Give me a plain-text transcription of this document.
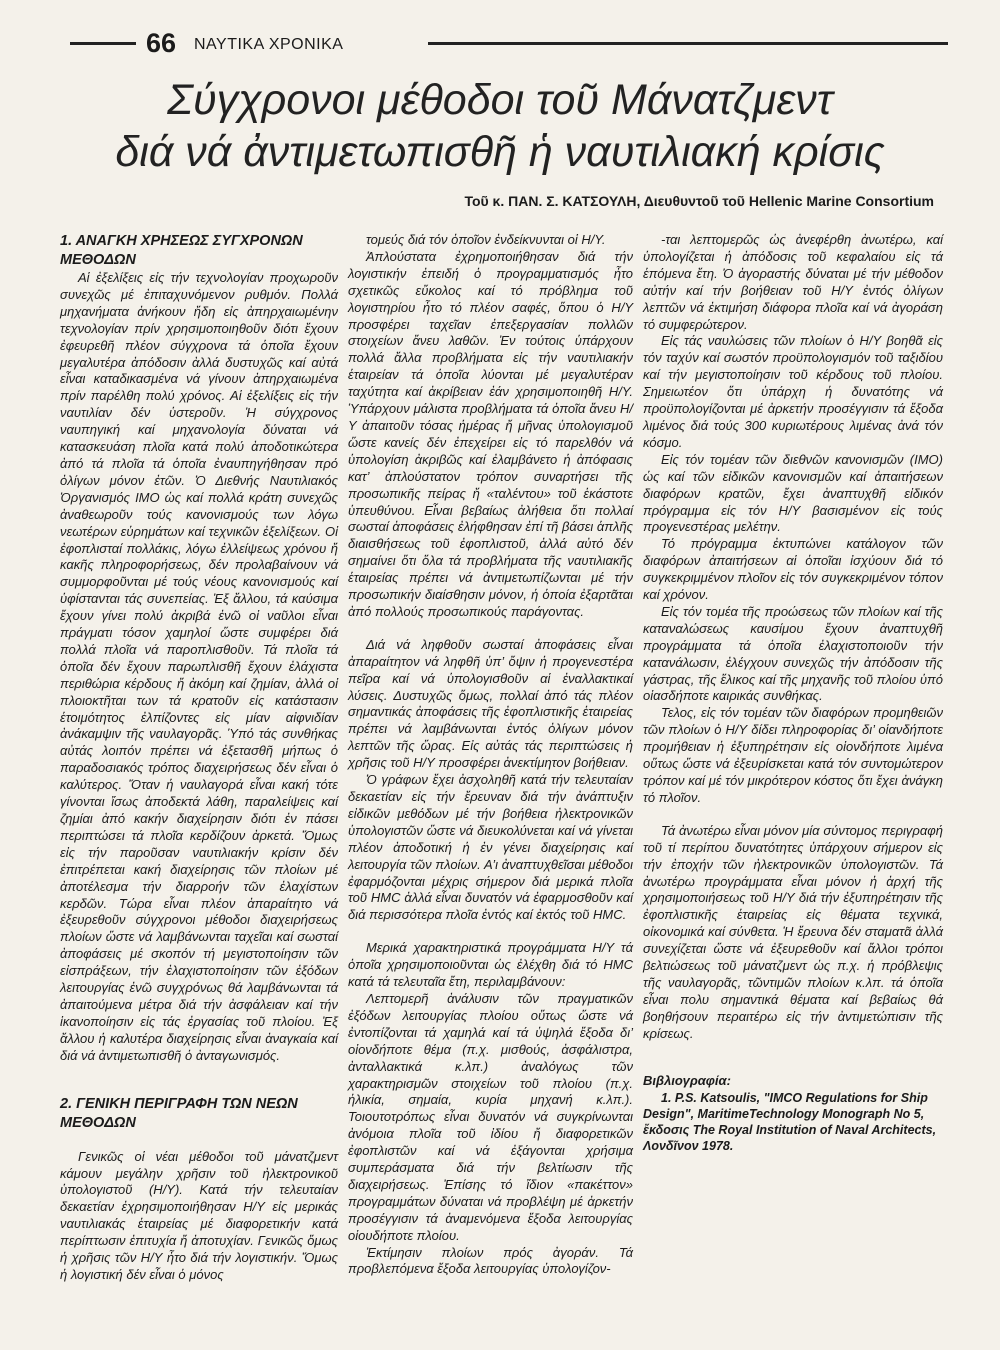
66 ΝΑΥΤΙΚΑ ΧΡΟΝΙΚΑ
Σύγχρονοι μέθοδοι τοῦ Μάνατζμεντ
διά νά ἀντιμετωπισθῆ ἡ ναυτιλιακή κρίσις
Τοῦ κ. ΠΑΝ. Σ. ΚΑΤΣΟΥΛΗ, Διευθυντοῦ τοῦ Hellenic Marine Consortium
1. ΑΝΑΓΚΗ ΧΡΗΣΕΩΣ ΣΥΓΧΡΟΝΩΝ ΜΕΘΟΔΩΝ

Αἱ ἐξελίξεις εἰς τήν τεχνολογίαν προχωροῦν συνεχῶς μέ ἐπιταχυνόμενον ρυθμόν. Πολλά μηχανήματα ἀνήκουν ἤδη εἰς ἀπηρχαιωμένην τεχνολογίαν πρίν χρησιμοποιηθοῦν διότι ἔχουν ἐφευρεθῆ πλέον σύγχρονα τά ὁποῖα ἔχουν μεγαλυτέρα ἀπόδοσιν ἀλλά δυστυχῶς καί αὐτά εἶναι καταδικασμένα νά γίνουν ἀπηρχαιωμένα πρίν παρέλθη πολύ χρόνος. Αἱ ἐξελίξεις εἰς τήν ναυτιλίαν δέν ὑστεροῦν. Ἡ σύγχρονος ναυπηγική καί μηχανολογία δύναται νά κατασκευάση πλοῖα κατά πολύ ἀποδοτικώτερα ἀπό τά πλοῖα τά ὁποῖα ἐναυπηγήθησαν πρό ὀλίγων μόνον ἐτῶν. Ὁ Διεθνής Ναυτιλιακός Ὀργανισμός IMO ὡς καί πολλά κράτη συνεχῶς ἀναθεωροῦν τούς κανονισμούς των λόγω νεωτέρων εὑρημάτων καί τεχνικῶν ἐξελίξεων. Οἱ ἐφοπλισταί πολλάκις, λόγω ἐλλείψεως χρόνου ἤ κακῆς πληροφορήσεως, δέν προλαβαίνουν νά συμμορφοῦνται μέ τούς νέους κανονισμούς καί ὑφίστανται τάς συνεπείας. Ἐξ ἄλλου, τά καύσιμα ἔχουν γίνει πολύ ἀκριβά ἐνῶ οἱ ναῦλοι εἶναι πράγματι τόσον χαμηλοί ὥστε συμφέρει διά πολλά πλοῖα νά παροπλισθοῦν. Τά πλοῖα τά ὁποῖα δέν ἔχουν παρωπλισθῆ ἔχουν ἐλάχιστα περιθώρια κέρδους ἤ ἀκόμη καί ζημίαν, ἀλλά οἱ πλοιοκτῆται των τά κρατοῦν εἰς κατάστασιν ἑτοιμότητος ἐλπίζοντες εἰς μίαν αἰφνιδίαν ἀνάκαμψιν τῆς ναυλαγορᾶς. Ὑπό τάς συνθήκας αὐτάς λοιπόν πρέπει νά ἐξετασθῆ μήπως ὁ παραδοσιακός τρόπος διαχειρήσεως δέν εἶναι ὁ καλύτερος. Ὅταν ἡ ναυλαγορά εἶναι κακή τότε γίνονται ἴσως ἀποδεκτά λάθη, παραλείψεις καί ζημίαι ἀπό κακήν διαχείρησιν διότι ἐν πάσει περιπτώσει τά πλοῖα κερδίζουν ἀρκετά. Ὅμως εἰς τήν παροῦσαν ναυτιλιακήν κρίσιν δέν ἐπιτρέπεται κακή διαχείρησις τῶν πλοίων μέ ἀποτέλεσμα τήν διαρροήν τῶν ἐλαχίστων κερδῶν. Τώρα εἶναι πλέον ἀπαραίτητο νά ἐξευρεθοῦν σύγχρονοι μέθοδοι διαχειρήσεως πλοίων ὥστε νά λαμβάνωνται ταχεῖαι καί σωσταί ἀποφάσεις μέ σκοπόν τή μεγιστοποίησιν τῶν εἰσπράξεων, τήν ἐλαχιστοποίησιν τῶν ἐξόδων λειτουργίας ἐνῶ συγχρόνως θά λαμβάνωνται τά ἀπαιτούμενα μέτρα διά τήν ἀσφάλειαν καί τήν ἱκανοποίησιν εἰς τάς ἐργασίας τοῦ πλοίου. Ἐξ ἄλλου ἡ καλυτέρα διαχείρησις εἶναι ἀναγκαία καί διά νά ἀντιμετωπισθῆ ὁ ἀνταγωνισμός.

2. ΓΕΝΙΚΗ ΠΕΡΙΓΡΑΦΗ ΤΩΝ ΝΕΩΝ ΜΕΘΟΔΩΝ

Γενικῶς οἱ νέαι μέθοδοι τοῦ μάνατζμεντ κάμουν μεγάλην χρῆσιν τοῦ ἠλεκτρονικοῦ ὑπολογιστοῦ (Η/Υ). Κατά τήν τελευταίαν δεκαετίαν ἐχρησιμοποιήθησαν Η/Υ εἰς μερικάς ναυτιλιακάς ἑταιρείας μέ διαφορετικήν κατά περίπτωσιν ἐπιτυχία ἤ ἀποτυχίαν. Γενικῶς ὅμως ἡ χρῆσις τῶν Η/Υ ἦτο διά τήν λογιστικήν. Ὅμως ἡ λογιστική δέν εἶναι ὁ μόνος

τομεύς διά τόν ὁποῖον ἐνδείκνυνται οἱ Η/Υ.

Ἁπλούστατα ἐχρημοποιήθησαν διά τήν λογιστικήν ἐπειδή ὁ προγραμματισμός ἦτο σχετικῶς εὔκολος καί τό πρόβλημα τοῦ λογιστηρίου ἦτο τό πλέον σαφές, ὅπου ὁ Η/Υ προσφέρει ταχεῖαν ἐπεξεργασίαν πολλῶν στοιχείων ἄνευ λαθῶν. Ἐν τούτοις ὑπάρχουν πολλά ἄλλα προβλήματα εἰς τήν ναυτιλιακήν ἑταιρείαν τά ὁποῖα λύονται μέ μεγαλυτέραν ταχύτητα καί ἀκρίβειαν ἐάν χρησιμοποιηθῆ Η/Υ. Ὑπάρχουν μάλιστα προβλήματα τά ὁποῖα ἄνευ Η/Υ ἀπαιτοῦν τόσας ἡμέρας ἤ μῆνας ὑπολογισμοῦ ὥστε κανείς δέν ἐπεχείρει εἰς τό παρελθόν νά ὑπολογίση ἀκριβῶς καί ἐλαμβάνετο ἡ ἀπόφασις κατ’ ἀπλούστατον τρόπον συναρτήσει τῆς προσωπικῆς πείρας ἤ «ταλέντου» τοῦ ἑκάστοτε ὑπευθύνου. Εἶναι βεβαίως ἀλήθεια ὅτι πολλαί σωσταί ἀποφάσεις ἐλήφθησαν ἐπί τῆ βάσει ἁπλῆς διαισθήσεως τοῦ ἐφοπλιστοῦ, ἀλλά αὐτό δέν σημαίνει ὅτι ὅλα τά προβλήματα τῆς ναυτιλιακῆς ἑταιρείας πρέπει νά ἀντιμετωπίζωνται μέ τήν προσωπικήν διαίσθησιν μόνον, ἡ ὁποία ἐξαρτᾶται ἀπό πολλούς προσωπικούς παράγοντας.

Διά νά ληφθοῦν σωσταί ἀποφάσεις εἶναι ἀπαραίτητον νά ληφθῆ ὑπ’ ὄψιν ἡ προγενεστέρα πεῖρα καί νά ὑπολογισθοῦν αἱ ἐναλλακτικαί λύσεις. Δυστυχῶς ὅμως, πολλαί ἀπό τάς πλέον σημαντικάς ἀποφάσεις τῆς ἐφοπλιστικῆς ἑταιρείας πρέπει νά λαμβάνωνται ἐντός ὀλίγων μόνον λεπτῶν τῆς ὥρας. Εἰς αὐτάς τάς περιπτώσεις ἡ χρῆσις τοῦ Η/Υ προσφέρει ἀνεκτίμητον βοήθειαν.

Ὁ γράφων ἔχει ἀσχοληθῆ κατά τήν τελευταίαν δεκαετίαν εἰς τήν ἔρευναν διά τήν ἀνάπτυξιν εἰδικῶν μεθόδων μέ τήν βοήθεια ἠλεκτρονικῶν ὑπολογιστῶν ὥστε νά διευκολύνεται καί νά γίνεται πλέον ἀποδοτική ἡ ἐν γένει διαχείρησις καί λειτουργία τῶν πλοίων. Α’ι ἀναπτυχθεῖσαι μέθοδοι ἐφαρμόζονται μέχρις σήμερον διά μερικά πλοῖα τοῦ HMC ἀλλά εἶναι δυνατόν νά ἐφαρμοσθοῦν καί διά περισσότερα πλοῖα ἐντός καί ἐκτός τοῦ HMC.

Μερικά χαρακτηριστικά προγράμματα Η/Υ τά ὁποῖα χρησιμοποιοῦνται ὡς ἐλέχθη διά τό HMC κατά τά τελευταῖα ἔτη, περιλαμβάνουν:

Λεπτομερῆ ἀνάλυσιν τῶν πραγματικῶν ἐξόδων λειτουργίας πλοίου οὕτως ὥστε νά ἐντοπίζονται τά χαμηλά καί τά ὑψηλά ἔξοδα δι’ οἱονδήποτε θέμα (π.χ. μισθούς, ἀσφάλιστρα, ἀνταλλακτικά κ.λπ.) ἀναλόγως τῶν χαρακτηρισμῶν στοιχείων τοῦ πλοίου (π.χ. ἡλικία, σημαία, κυρία μηχανή κ.λπ.). Τοιουτοτρόπως εἶναι δυνατόν νά συγκρίνωνται ἀνόμοια πλοῖα τοῦ ἰδίου ἤ διαφορετικῶν ἐφοπλιστῶν καί νά ἐξάγονται χρήσιμα συμπεράσματα διά τήν βελτίωσιν τῆς διαχειρήσεως. Ἐπίσης τό ἴδιον «πακέττον» προγραμμάτων δύναται νά προβλέψη μέ ἀρκετήν προσέγγισιν τά ἀναμενόμενα ἔξοδα λειτουργίας οἱουδήποτε πλοίου.

Ἐκτίμησιν πλοίων πρός ἀγοράν. Τά προβλεπόμενα ἔξοδα λειτουργίας ὑπολογίζον-

-ται λεπτομερῶς ὡς ἀνεφέρθη ἀνωτέρω, καί ὑπολογίζεται ἡ ἀπόδοσις τοῦ κεφαλαίου εἰς τά ἑπόμενα ἔτη. Ὁ ἀγοραστής δύναται μέ τήν μέθοδον αὐτήν καί τήν βοήθειαν τοῦ Η/Υ ἐντός ὀλίγων λεπτῶν νά ἐκτιμήση διάφορα πλοῖα καί νά ἀγοράση τό συμφερώτερον.

Εἰς τάς ναυλώσεις τῶν πλοίων ὁ Η/Υ βοηθᾶ εἰς τόν ταχύν καί σωστόν προϋπολογισμόν τοῦ ταξιδίου καί τήν μεγιστοποίησιν τοῦ κέρδους τοῦ πλοίου. Σημειωτέον ὅτι ὑπάρχη ἡ δυνατότης νά προϋπολογίζονται μέ ἀρκετήν προσέγγισιν τά ἔξοδα λιμένος διά τούς 300 κυριωτέρους λιμένας ἀνά τόν κόσμο.

Εἰς τόν τομέαν τῶν διεθνῶν κανονισμῶν (ΙΜΟ) ὡς καί τῶν εἰδικῶν κανονισμῶν καί ἀπαιτήσεων διαφόρων κρατῶν, ἔχει ἀναπτυχθῆ εἰδικόν πρόγραμμα εἰς τόν Η/Υ βασισμένον εἰς τούς προγενεστέρας μελέτην.

Τό πρόγραμμα ἐκτυπώνει κατάλογον τῶν διαφόρων ἀπαιτήσεων αἱ ὁποῖαι ἰσχύουν διά τό συγκεκριμμένον πλοῖον εἰς τόν συγκεκριμένον τόπον καί χρόνον.

Εἰς τόν τομέα τῆς προώσεως τῶν πλοίων καί τῆς καταναλώσεως καυσίμου ἔχουν ἀναπτυχθῆ προγράμματα τά ὁποῖα ἐλαχιστοποιοῦν τήν κατανάλωσιν, ἐλέγχουν συνεχῶς τήν ἀπόδοσιν τῆς γάστρας, τῆς ἕλικος καί τῆς μηχανῆς τοῦ πλοίου ὑπό οἱασδήποτε καιρικάς συνθήκας.

Τελος, εἰς τόν τομέαν τῶν διαφόρων προμηθειῶν τῶν πλοίων ὁ Η/Υ δίδει πληροφορίας δι’ οἱανδήποτε προμήθειαν ἡ ἐξυπηρέτησιν εἰς οἱονδήποτε λιμένα οὕτως ὥστε νά ἐξευρίσκεται κατά τόν συντομώτερον τρόπον καί μέ τόν μικρότερον κόστος ὅτι ἔχει ἀνάγκη τό πλοῖον.

Τά ἀνωτέρω εἶναι μόνον μία σύντομος περιγραφή τοῦ τί περίπου δυνατότητες ὑπάρχουν σήμερον εἰς τήν ἐποχήν τῶν ἠλεκτρονικῶν ὑπολογιστῶν. Τά ἀνωτέρω προγράμματα εἶναι μόνον ἡ ἀρχή τῆς χρησιμοποιήσεως τοῦ Η/Υ διά τήν ἐξυπηρέτησιν τῆς ἐφοπλιστικῆς ἑταιρείας εἰς θέματα τεχνικά, οἰκονομικά καί σύνθετα. Ἡ ἔρευνα δέν σταματᾶ ἀλλά συνεχίζεται ὥστε νά ἐξευρεθοῦν καί ἄλλοι τρόποι βελτιώσεως τοῦ μάνατζμεντ ὡς π.χ. ἡ πρόβλεψις τῆς ναυλαγορᾶς, τῶντιμῶν πλοίων κ.λπ. τά ὁποῖα εἶναι πολυ σημαντικά θέματα καί βεβαίως θά βοηθήσουν περαιτέρω εἰς τήν ἀντιμετώπισιν τῆς κρίσεως.

Βιβλιογραφία:

1. P.S. Katsoulis, "IMCO Regulations for Ship Design", MaritimeTechnology Monograph No 5, ἔκδοσις The Royal Institution of Naval Architects, Λονδῖνον 1978.
